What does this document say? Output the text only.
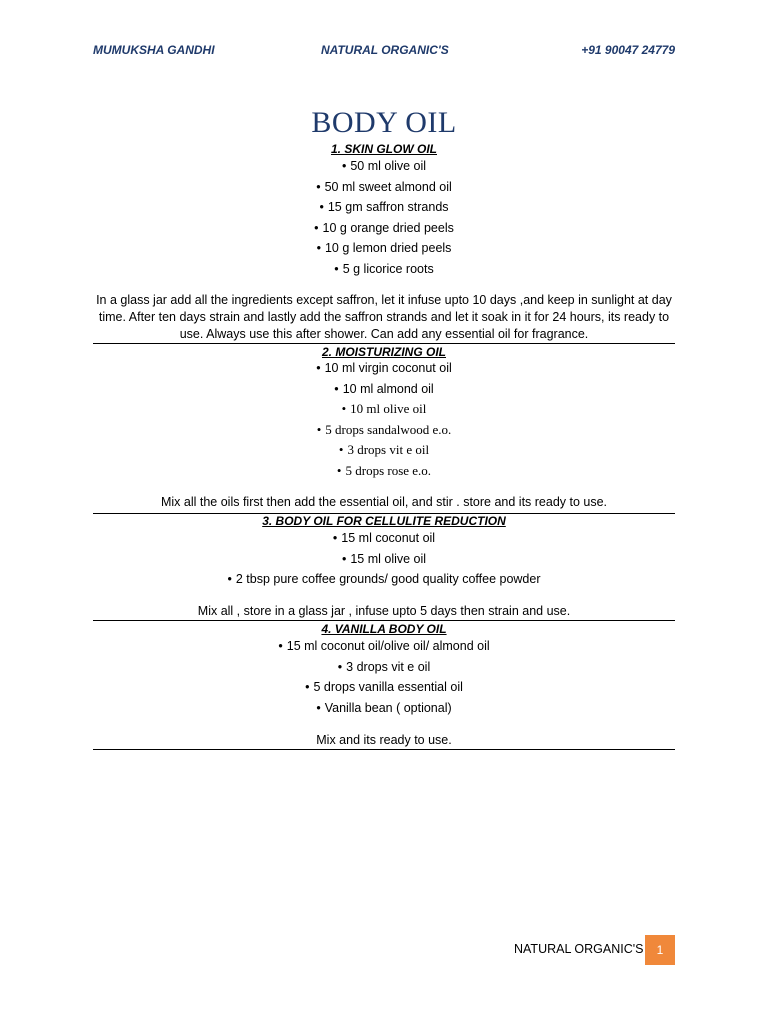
MUMUKSHA GANDHI	NATURAL ORGANIC'S	+91 90047 24779
BODY OIL
1. SKIN GLOW OIL
• 50 ml olive oil
• 50 ml sweet almond oil
• 15 gm saffron strands
• 10 g orange dried peels
• 10 g lemon dried peels
• 5 g licorice roots
In a glass jar add all the ingredients except saffron, let it infuse upto 10 days ,and keep in sunlight at day time. After ten days strain and lastly add the saffron strands and let it soak in it for 24 hours, its ready to use. Always use this after shower. Can add any essential oil for fragrance.
2. MOISTURIZING OIL
• 10 ml virgin coconut oil
• 10 ml almond oil
• 10 ml olive oil
• 5 drops sandalwood e.o.
• 3 drops vit e oil
• 5 drops rose e.o.
Mix all the oils first then add the essential oil, and stir . store and its ready to use.
3. BODY OIL FOR CELLULITE REDUCTION
• 15 ml coconut oil
• 15 ml olive oil
• 2 tbsp pure coffee grounds/ good quality coffee powder
Mix all , store in a glass jar , infuse upto 5 days then strain and use.
4. VANILLA BODY OIL
• 15 ml coconut oil/olive oil/ almond oil
• 3 drops vit e oil
• 5 drops vanilla essential oil
• Vanilla bean ( optional)
Mix and its ready to use.
NATURAL ORGANIC'S	1
